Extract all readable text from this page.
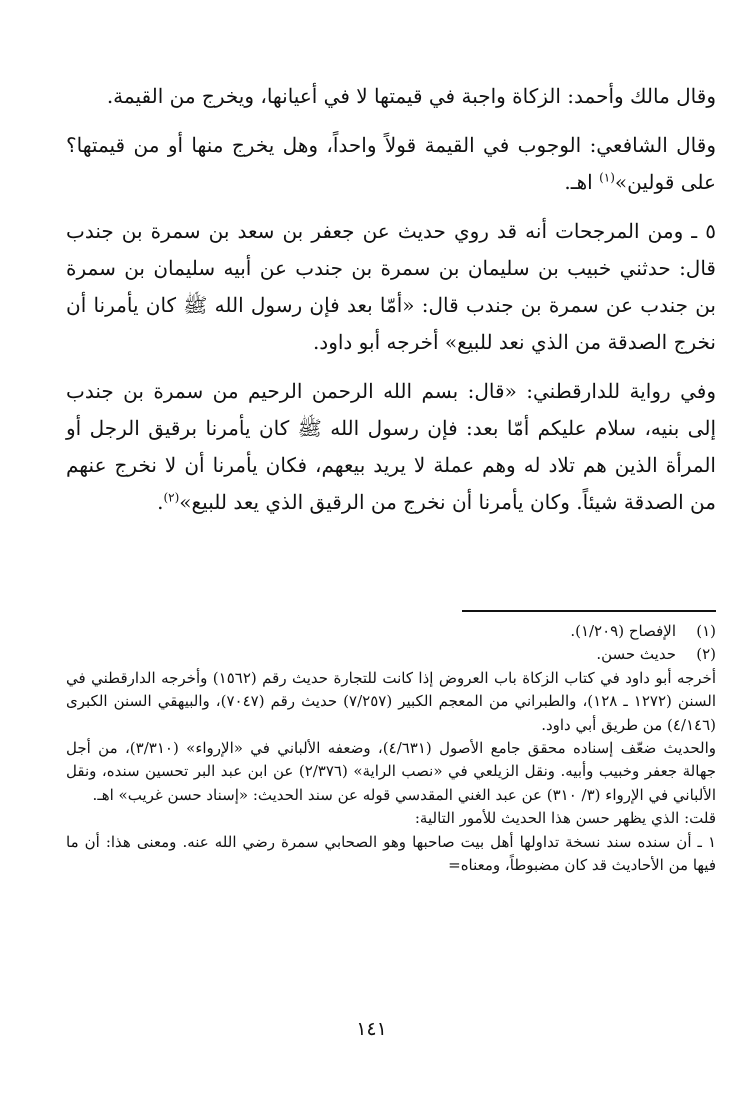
وقال مالك وأحمد: الزكاة واجبة في قيمتها لا في أعيانها، ويخرج من القيمة.

وقال الشافعي: الوجوب في القيمة قولاً واحداً، وهل يخرج منها أو من قيمتها؟ على قولين»$^{(١)}$ اهـ.

٥ ـ ومن المرجحات أنه قد روي حديث عن جعفر بن سعد بن سمرة بن جندب قال: حدثني خبيب بن سليمان بن سمرة بن جندب عن أبيه سليمان بن سمرة بن جندب عن سمرة بن جندب قال: «أمّا بعد فإن رسول الله ﷺ كان يأمرنا أن نخرج الصدقة من الذي نعد للبيع» أخرجه أبو داود.

وفي رواية للدارقطني: «قال: بسم الله الرحمن الرحيم من سمرة بن جندب إلى بنيه، سلام عليكم أمّا بعد: فإن رسول الله ﷺ كان يأمرنا برقيق الرجل أو المرأة الذين هم تلاد له وهم عملة لا يريد بيعهم، فكان يأمرنا أن لا نخرج عنهم من الصدقة شيئاً. وكان يأمرنا أن نخرج من الرقيق الذي يعد للبيع»$^{(٢)}$.

(١)
الإفصاح (١/٢٠٩).
(٢)
حديث حسن.

أخرجه أبو داود في كتاب الزكاة باب العروض إذا كانت للتجارة حديث رقم (١٥٦٢) وأخرجه الدارقطني في السنن (١٢٧٢ ـ ١٢٨)، والطبراني من المعجم الكبير (٧/٢٥٧) حديث رقم (٧٠٤٧)، والبيهقي السنن الكبرى (٤/١٤٦) من طريق أبي داود.

والحديث ضعّف إسناده محقق جامع الأصول (٤/٦٣١)، وضعفه الألباني في «الإرواء» (٣/٣١٠)، من أجل جهالة جعفر وخبيب وأبيه. ونقل الزيلعي في «نصب الراية» (٢/٣٧٦) عن ابن عبد البر تحسين سنده، ونقل الألباني في الإرواء (٣/ ٣١٠) عن عبد الغني المقدسي قوله عن سند الحديث: «إسناد حسن غريب» اهـ.

قلت: الذي يظهر حسن هذا الحديث للأمور التالية:

١ ـ أن سنده سند نسخة تداولها أهل بيت صاحبها وهو الصحابي سمرة رضي الله عنه. ومعنى هذا: أن ما فيها من الأحاديث قد كان مضبوطاً، ومعناه=

١٤١
